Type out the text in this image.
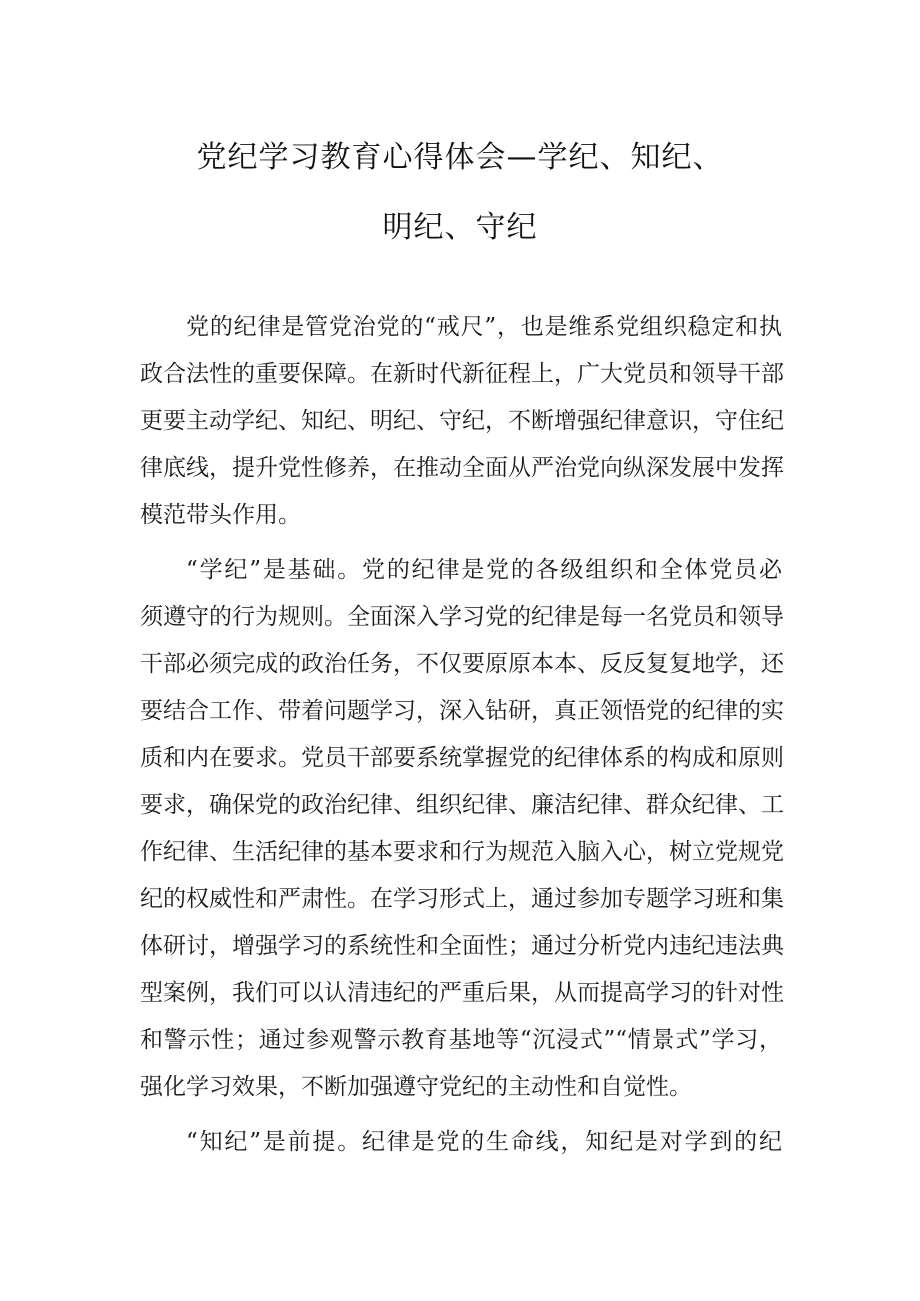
党纪学习教育心得体会—学纪、知纪、
明纪、守纪
党的纪律是管党治党的“戒尺”，也是维系党组织稳定和执
政合法性的重要保障。在新时代新征程上，广大党员和领导干部
更要主动学纪、知纪、明纪、守纪，不断增强纪律意识，守住纪
律底线，提升党性修养，在推动全面从严治党向纵深发展中发挥
模范带头作用。
“学纪”是基础。党的纪律是党的各级组织和全体党员必
须遵守的行为规则。全面深入学习党的纪律是每一名党员和领导
干部必须完成的政治任务，不仅要原原本本、反反复复地学，还
要结合工作、带着问题学习，深入钻研，真正领悟党的纪律的实
质和内在要求。党员干部要系统掌握党的纪律体系的构成和原则
要求，确保党的政治纪律、组织纪律、廉洁纪律、群众纪律、工
作纪律、生活纪律的基本要求和行为规范入脑入心，树立党规党
纪的权威性和严肃性。在学习形式上，通过参加专题学习班和集
体研讨，增强学习的系统性和全面性；通过分析党内违纪违法典
型案例，我们可以认清违纪的严重后果，从而提高学习的针对性
和警示性；通过参观警示教育基地等“沉浸式”“情景式”学习，
强化学习效果，不断加强遵守党纪的主动性和自觉性。
“知纪”是前提。纪律是党的生命线，知纪是对学到的纪
